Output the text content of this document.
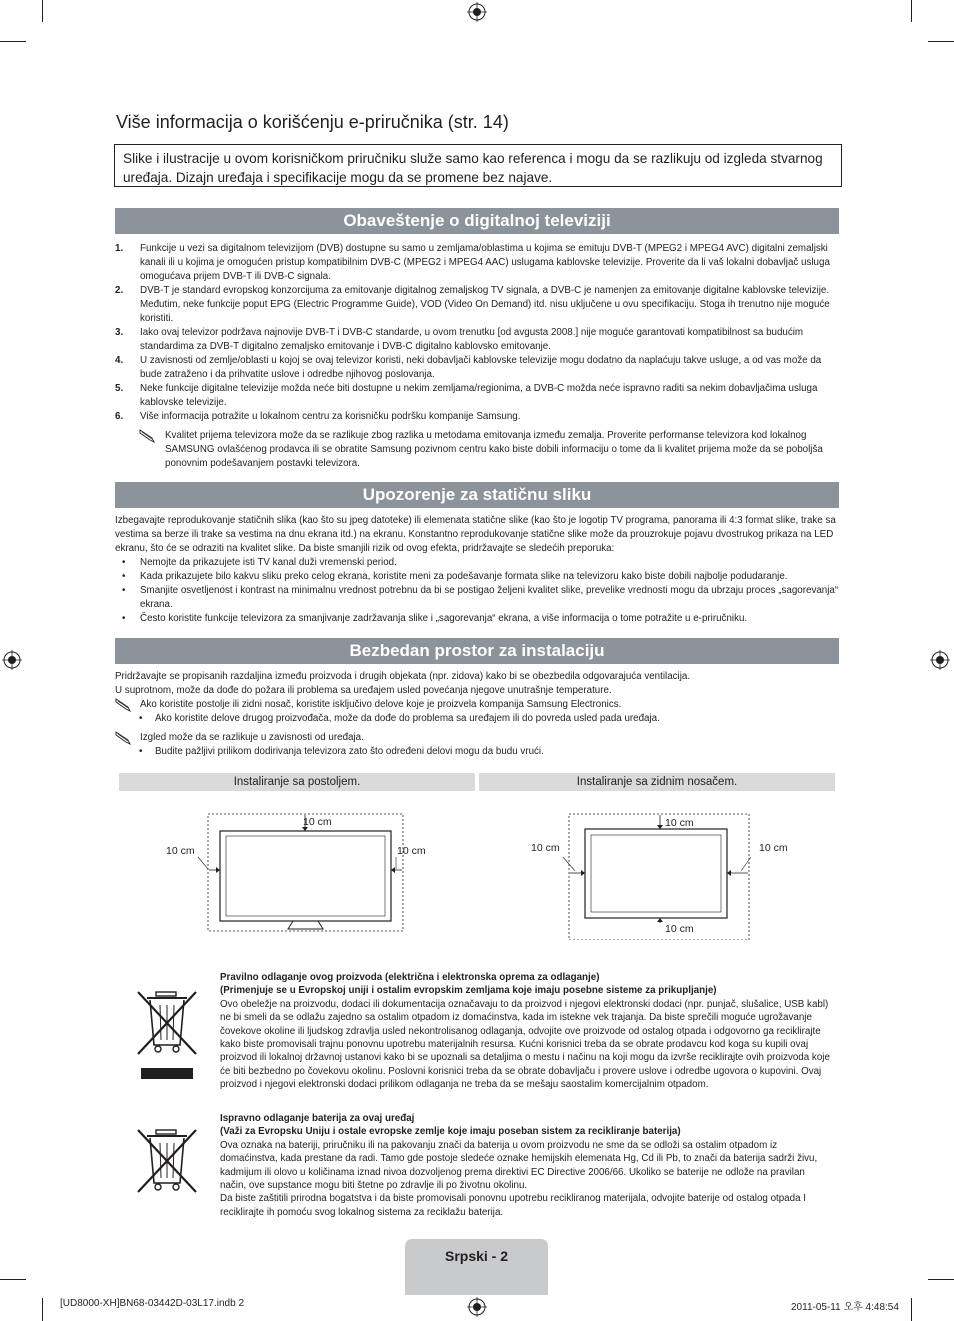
Više informacija o korišćenju e-priručnika (str. 14)
Slike i ilustracije u ovom korisničkom priručniku služe samo kao referenca i mogu da se razlikuju od izgleda stvarnog uređaja. Dizajn uređaja i specifikacije mogu da se promene bez najave.
Obaveštenje o digitalnoj televiziji
1. Funkcije u vezi sa digitalnom televizijom (DVB) dostupne su samo u zemljama/oblastima u kojima se emituju DVB-T (MPEG2 i MPEG4 AVC) digitalni zemaljski kanali ili u kojima je omogućen pristup kompatibilnim DVB-C (MPEG2 i MPEG4 AAC) uslugama kablovske televizije. Proverite da li vaš lokalni dobavljač usluga omogućava prijem DVB-T ili DVB-C signala.
2. DVB-T je standard evropskog konzorcijuma za emitovanje digitalnog zemaljskog TV signala, a DVB-C je namenjen za emitovanje digitalne kablovske televizije. Međutim, neke funkcije poput EPG (Electric Programme Guide), VOD (Video On Demand) itd. nisu uključene u ovu specifikaciju. Stoga ih trenutno nije moguće koristiti.
3. Iako ovaj televizor podržava najnovije DVB-T i DVB-C standarde, u ovom trenutku [od avgusta 2008.] nije moguće garantovati kompatibilnost sa budućim standardima za DVB-T digitalno zemaljsko emitovanje i DVB-C digitalno kablovsko emitovanje.
4. U zavisnosti od zemlje/oblasti u kojoj se ovaj televizor koristi, neki dobavljači kablovske televizije mogu dodatno da naplaćuju takve usluge, a od vas može da bude zatraženo i da prihvatite uslove i odredbe njihovog poslovanja.
5. Neke funkcije digitalne televizije možda neće biti dostupne u nekim zemljama/regionima, a DVB-C možda neće ispravno raditi sa nekim dobavljačima usluga kablovske televizije.
6. Više informacija potražite u lokalnom centru za korisničku podršku kompanije Samsung.
Kvalitet prijema televizora može da se razlikuje zbog razlika u metodama emitovanja između zemalja. Proverite performanse televizora kod lokalnog SAMSUNG ovlašćenog prodavca ili se obratite Samsung pozivnom centru kako biste dobili informaciju o tome da li kvalitet prijema može da se poboljša ponovnim podešavanjem postavki televizora.
Upozorenje za statičnu sliku
Izbegavajte reprodukovanje statičnih slika (kao što su jpeg datoteke) ili elemenata statične slike (kao što je logotip TV programa, panorama ili 4:3 format slike, trake sa vestima sa berze ili trake sa vestima na dnu ekrana itd.) na ekranu. Konstantno reprodukovanje statične slike može da prouzrokuje pojavu dvostrukog prikaza na LED ekranu, što će se odraziti na kvalitet slike. Da biste smanjili rizik od ovog efekta, pridržavajte se sledećih preporuka:
• Nemojte da prikazujete isti TV kanal duži vremenski period.
• Kada prikazujete bilo kakvu sliku preko celog ekrana, koristite meni za podešavanje formata slike na televizoru kako biste dobili najbolje podudaranje.
• Smanjite osvetljenost i kontrast na minimalnu vrednost potrebnu da bi se postigao željeni kvalitet slike, prevelike vrednosti mogu da ubrzaju proces „sagorevanja“ ekrana.
• Često koristite funkcije televizora za smanjivanje zadržavanja slike i „sagorevanja“ ekrana, a više informacija o tome potražite u e-priručniku.
Bezbedan prostor za instalaciju
Pridržavajte se propisanih razdaljina između proizvoda i drugih objekata (npr. zidova) kako bi se obezbedila odgovarajuća ventilacija.
U suprotnom, može da dođe do požara ili problema sa uređajem usled povećanja njegove unutrašnje temperature.
Ako koristite postolje ili zidni nosač, koristite isključivo delove koje je proizvela kompanija Samsung Electronics.
• Ako koristite delove drugog proizvođača, može da dođe do problema sa uređajem ili do povreda usled pada uređaja.
Izgled može da se razlikuje u zavisnosti od uređaja.
• Budite pažljivi prilikom dodirivanja televizora zato što određeni delovi mogu da budu vrući.
Instaliranje sa postoljem.	Instaliranje sa zidnim nosačem.
10 cm
10 cm	10 cm
10 cm
10 cm	10 cm
10 cm
Pravilno odlaganje ovog proizvoda (električna i elektronska oprema za odlaganje)
(Primenjuje se u Evropskoj uniji i ostalim evropskim zemljama koje imaju posebne sisteme za prikupljanje)
Ovo obeležje na proizvodu, dodaci ili dokumentacija označavaju to da proizvod i njegovi elektronski dodaci (npr. punjač, slušalice, USB kabl) ne bi smeli da se odlažu zajedno sa ostalim otpadom iz domaćinstva, kada im istekne vek trajanja. Da biste sprečili moguće ugrožavanje čovekove okoline ili ljudskog zdravlja usled nekontrolisanog odlaganja, odvojite ove proizvode od ostalog otpada i odgovorno ga reciklirajte kako biste promovisali trajnu ponovnu upotrebu materijalnih resursa. Kućni korisnici treba da se obrate prodavcu kod koga su kupili ovaj proizvod ili lokalnoj državnoj ustanovi kako bi se upoznali sa detaljima o mestu i načinu na koji mogu da izvrše reciklirajte ovih proizvoda koje će biti bezbedno po čovekovu okolinu. Poslovni korisnici treba da se obrate dobavljaču i provere uslove i odredbe ugovora o kupovini. Ovaj proizvod i njegovi elektronski dodaci prilikom odlaganja ne treba da se mešaju saostalim komercijalnim otpadom.
Ispravno odlaganje baterija za ovaj uređaj
(Važi za Evropsku Uniju i ostale evropske zemlje koje imaju poseban sistem za recikliranje baterija)
Ova oznaka na bateriji, priručniku ili na pakovanju znači da baterija u ovom proizvodu ne sme da se odloži sa ostalim otpadom iz domaćinstva, kada prestane da radi. Tamo gde postoje sledeće oznake hemijskih elemenata Hg, Cd ili Pb, to znači da baterija sadrži živu, kadmijum ili olovo u količinama iznad nivoa dozvoljenog prema direktivi EC Directive 2006/66. Ukoliko se baterije ne odlože na pravilan način, ove supstance mogu biti štetne po zdravlje ili po životnu okolinu.
Da biste zaštitili prirodna bogatstva i da biste promovisali ponovnu upotrebu recikliranog materijala, odvojite baterije od ostalog otpada I reciklirajte ih pomoću svog lokalnog sistema za reciklažu baterija.
Srpski - 2
[UD8000-XH]BN68-03442D-03L17.indb 2	2011-05-11 오후 4:48:54
